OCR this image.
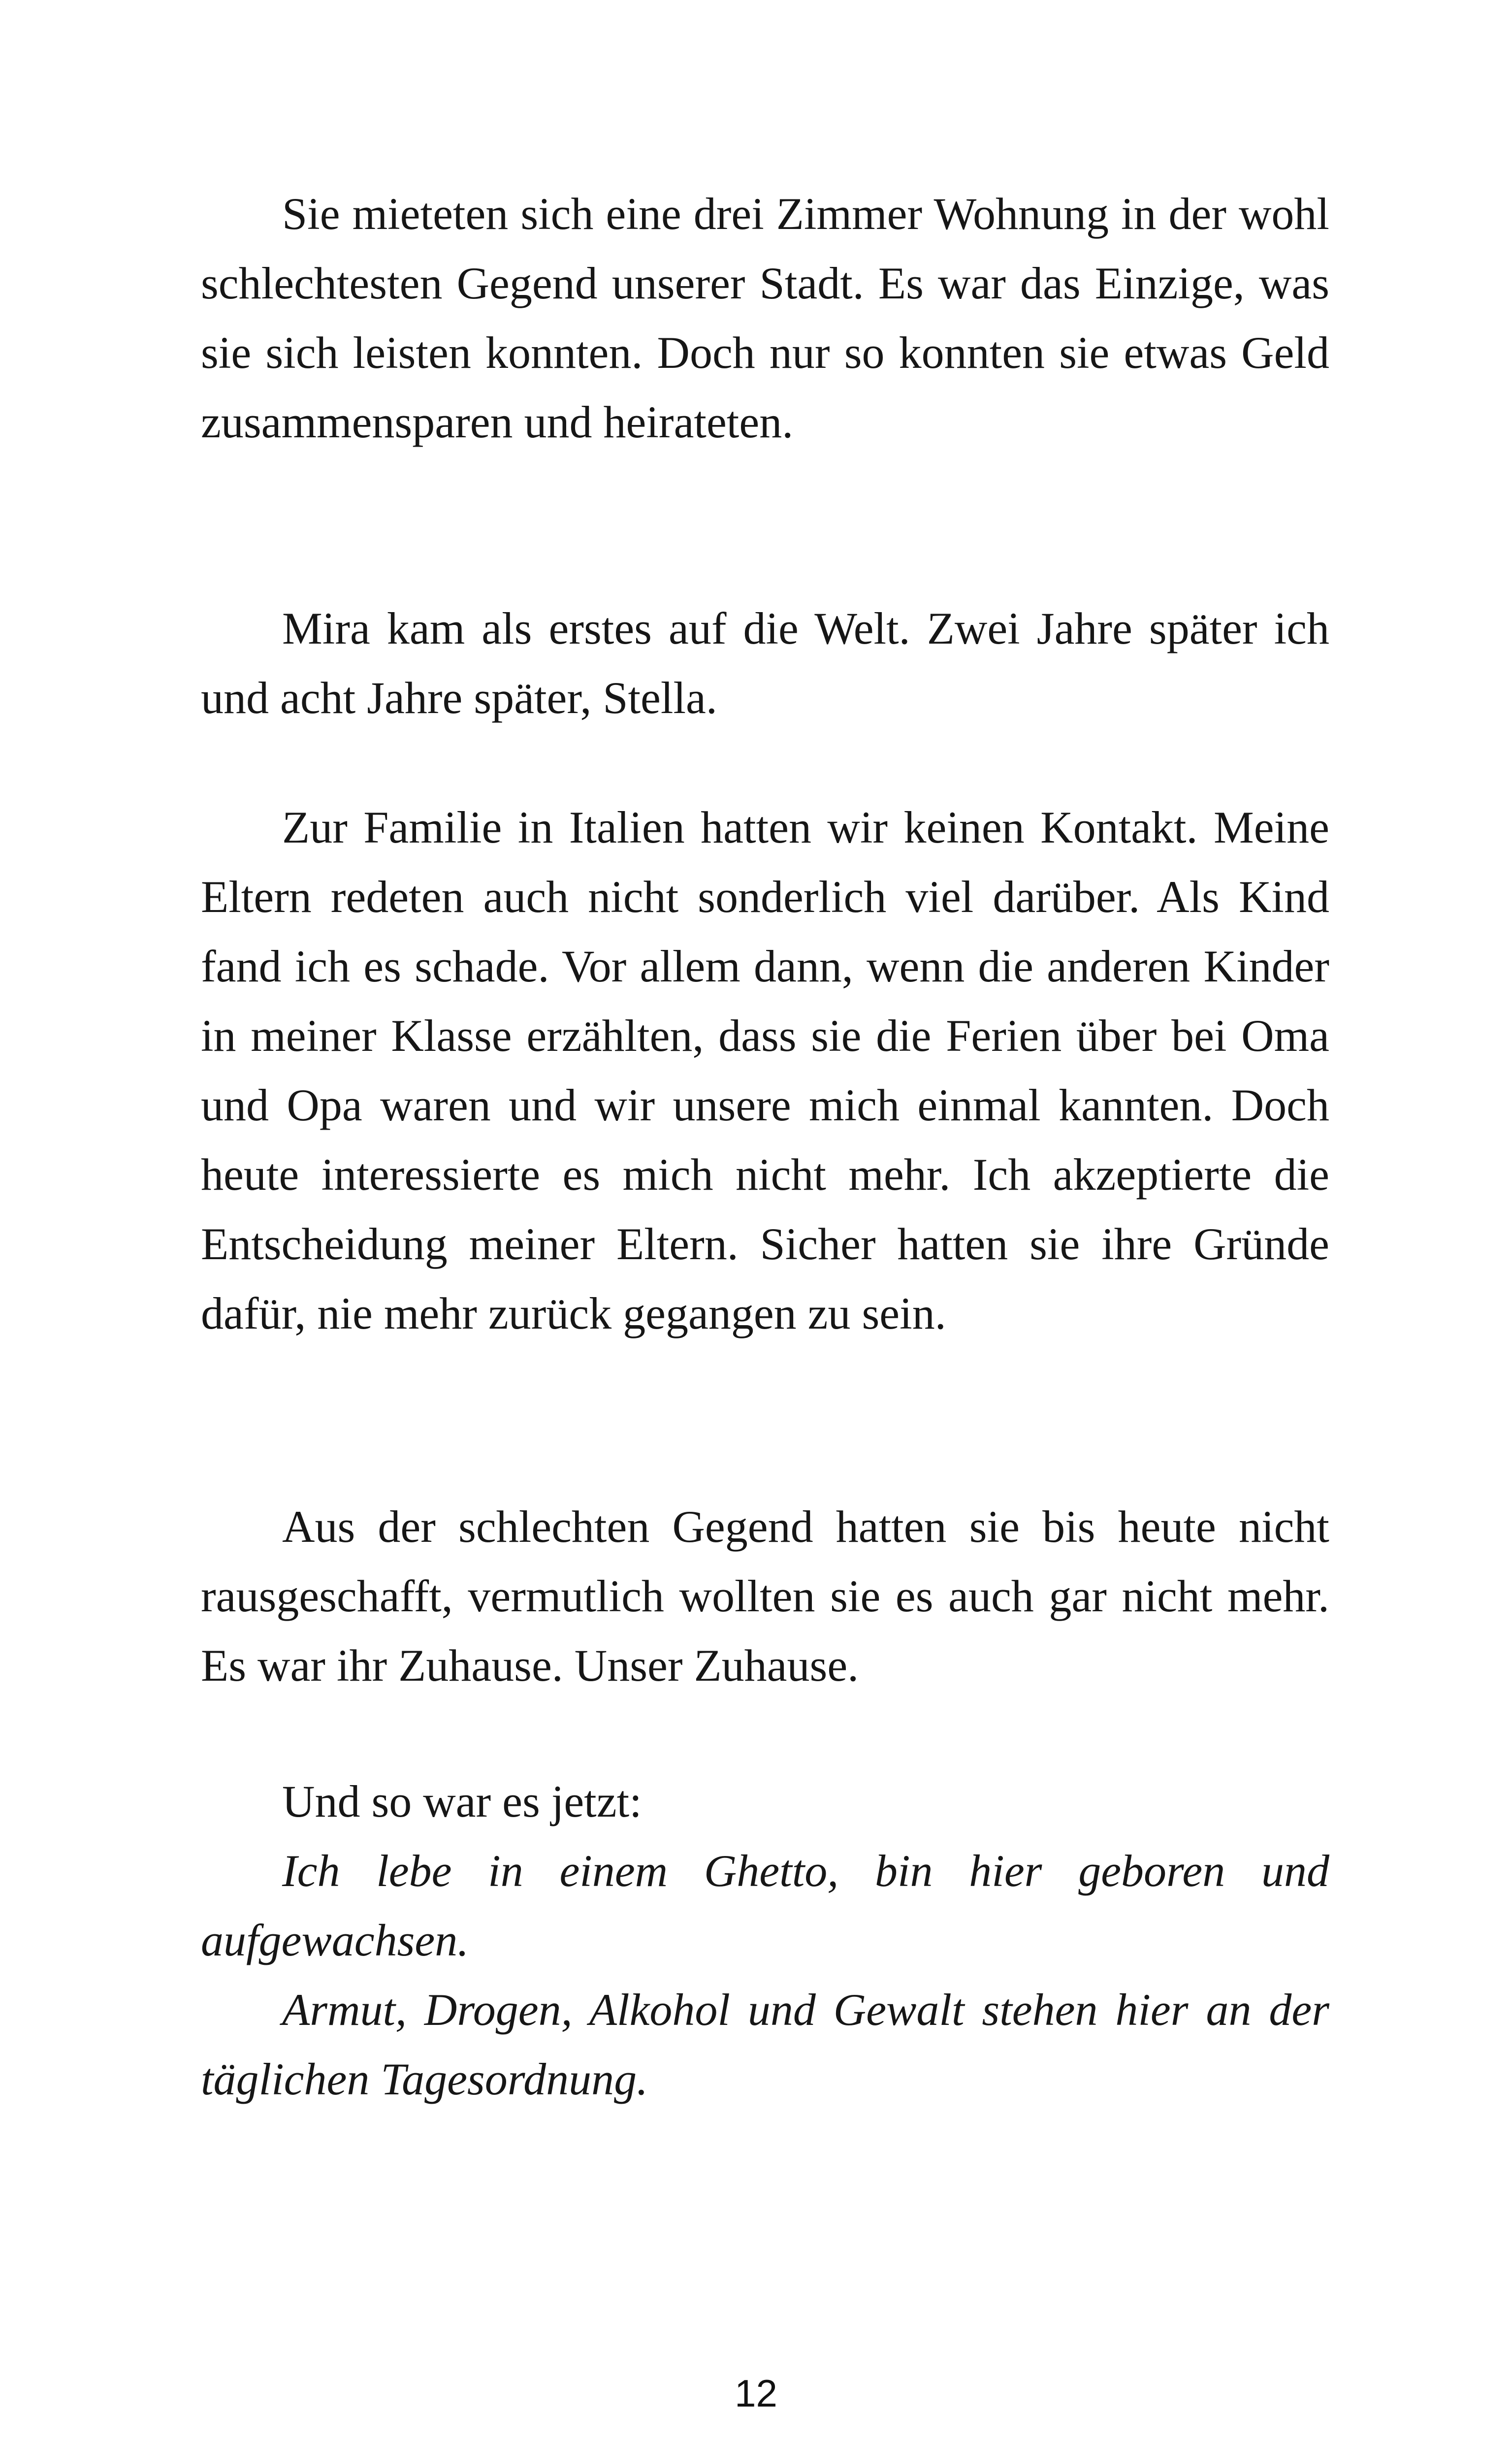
Sie mieteten sich eine drei Zimmer Wohnung in der wohl schlechtesten Gegend unserer Stadt. Es war das Einzige, was sie sich leisten konnten. Doch nur so konnten sie etwas Geld zusammensparen und heirateten.

Mira kam als erstes auf die Welt. Zwei Jahre später ich und acht Jahre später, Stella.

Zur Familie in Italien hatten wir keinen Kontakt. Meine Eltern redeten auch nicht sonderlich viel darüber. Als Kind fand ich es schade. Vor allem dann, wenn die anderen Kinder in meiner Klasse erzählten, dass sie die Ferien über bei Oma und Opa waren und wir unsere mich einmal kannten. Doch heute interessierte es mich nicht mehr. Ich akzeptierte die Entscheidung meiner Eltern. Sicher hatten sie ihre Gründe dafür, nie mehr zurück gegangen zu sein.

Aus der schlechten Gegend hatten sie bis heute nicht rausgeschafft, vermutlich wollten sie es auch gar nicht mehr. Es war ihr Zuhause. Unser Zuhause.

Und so war es jetzt:

Ich lebe in einem Ghetto, bin hier geboren und aufgewachsen.

Armut, Drogen, Alkohol und Gewalt stehen hier an der täglichen Tagesordnung.

12
